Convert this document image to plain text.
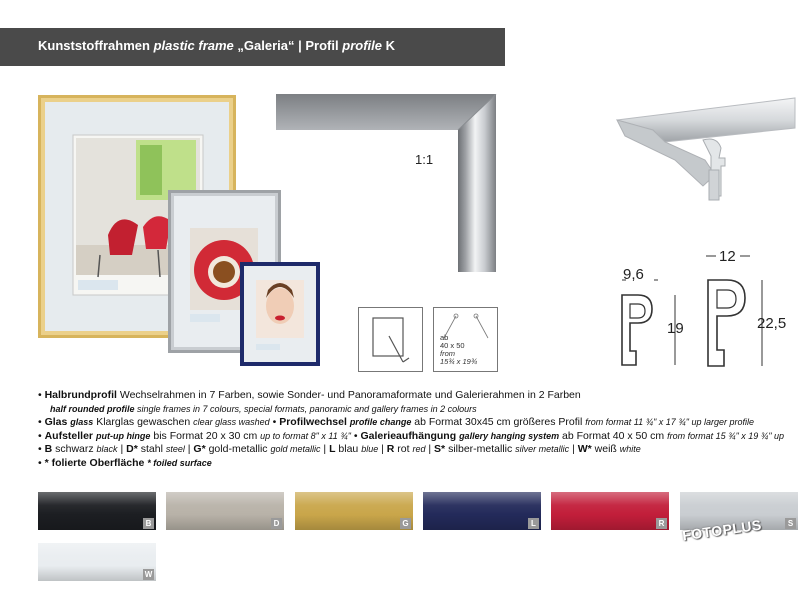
Kunststoffrahmen plastic frame „Galeria“ | Profil profile K
1:1
ab
40 x 50
from
15¾ x 19¾
9,6
19
12
22,5
• Halbrundprofil Wechselrahmen in 7 Farben, sowie Sonder- und Panoramaformate und Galerierahmen in 2 Farben
half rounded profile single frames in 7 colours, special formats, panoramic and gallery frames in 2 colours
• Glas glass Klarglas gewaschen clear glass washed • Profilwechsel profile change ab Format 30x45 cm größeres Profil from format 11 ¾" x 17 ¾" up larger profile
• Aufsteller put-up hinge bis Format 20 x 30 cm up to format 8" x 11 ¾" • Galerieaufhängung gallery hanging system ab Format 40 x 50 cm from format 15 ¾" x 19 ¾" up
• B schwarz black | D* stahl steel | G* gold-metallic gold metallic | L blau blue | R rot red | S* silber-metallic silver metallic | W* weiß white
• * folierte Oberfläche * foiled surface
B	D	G	L	R	S
W
FOTOPLUS
